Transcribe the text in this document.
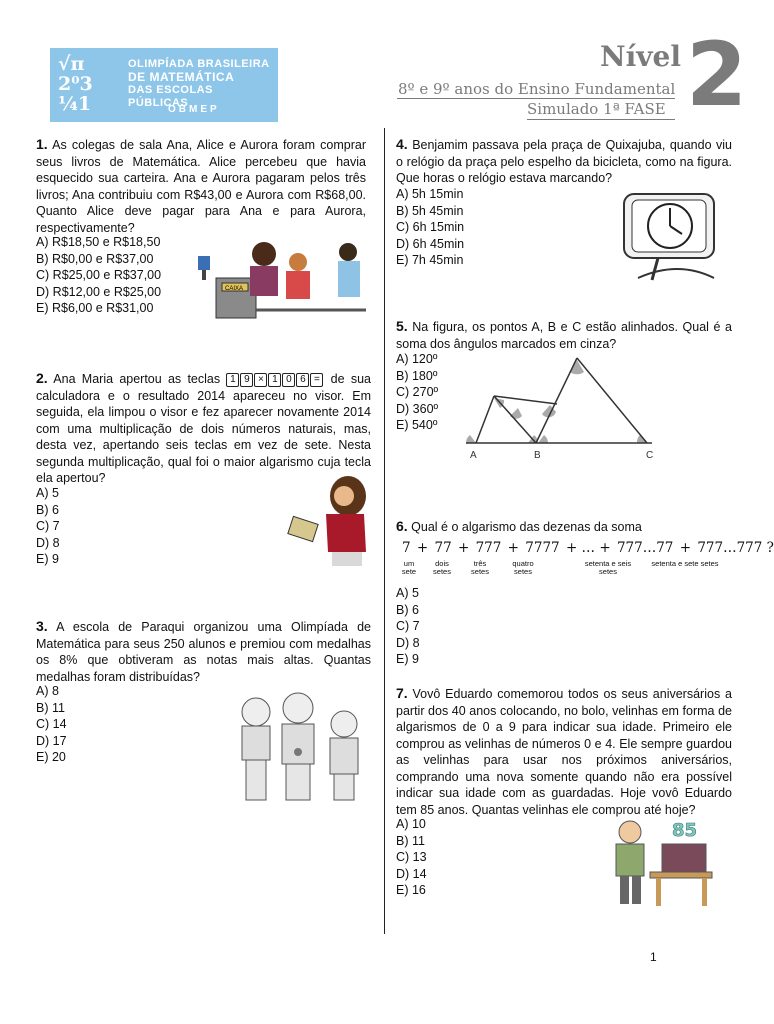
√π
2⁰3
¹⁄₄1
OLIMPÍADA BRASILEIRA
DE MATEMÁTICA
DAS ESCOLAS PÚBLICAS
OBMEP
Nível 2
8º e 9º anos do Ensino Fundamental
Simulado 1ª FASE
1. As colegas de sala Ana, Alice e Aurora foram comprar seus livros de Matemática. Alice percebeu que havia esquecido sua carteira. Ana e Aurora pagaram pelos três livros; Ana contribuiu com R$43,00 e Aurora com R$68,00. Quanto Alice deve pagar para Ana e para Aurora, respectivamente?
A) R$18,50 e R$18,50
B) R$0,00 e R$37,00
C) R$25,00 e R$37,00
D) R$12,00 e R$25,00
E) R$6,00 e R$31,00
CAIXA
2. Ana Maria apertou as teclas 1 9 × 1 0 6 = de sua calculadora e o resultado 2014 apareceu no visor. Em seguida, ela limpou o visor e fez aparecer novamente 2014 com uma multiplicação de dois números naturais, mas, desta vez, apertando seis teclas em vez de sete. Nesta segunda multiplicação, qual foi o maior algarismo cuja tecla ela apertou?
A) 5
B) 6
C) 7
D) 8
E) 9
3. A escola de Paraqui organizou uma Olimpíada de Matemática para seus 250 alunos e premiou com medalhas os 8% que obtiveram as notas mais altas. Quantas medalhas foram distribuídas?
A) 8
B) 11
C) 14
D) 17
E) 20
4. Benjamim passava pela praça de Quixajuba, quando viu o relógio da praça pelo espelho da bicicleta, como na figura. Que horas o relógio estava marcando?
A) 5h 15min
B) 5h 45min
C) 6h 15min
D) 6h 45min
E) 7h 45min
5. Na figura, os pontos A, B e C estão alinhados. Qual é a soma dos ângulos marcados em cinza?
A) 120º
B) 180º
C) 270º
D) 360º
E) 540º
A	B	C
6. Qual é o algarismo das dezenas da soma
7 + 77 + 777 + 7777 + … + 777…77 + 777…777 ?
um sete
dois setes
três setes
quatro setes
setenta e seis setes
setenta e sete setes
A) 5
B) 6
C) 7
D) 8
E) 9
7. Vovô Eduardo comemorou todos os seus aniversários a partir dos 40 anos colocando, no bolo, velinhas em forma de algarismos de 0 a 9 para indicar sua idade. Primeiro ele comprou as velinhas de números 0 e 4. Ele sempre guardou as velinhas para usar nos próximos aniversários, comprando uma nova somente quando não era possível indicar sua idade com as guardadas. Hoje vovô Eduardo tem 85 anos. Quantas velinhas ele comprou até hoje?
A) 10
B) 11
C) 13
D) 14
E) 16
85
1
